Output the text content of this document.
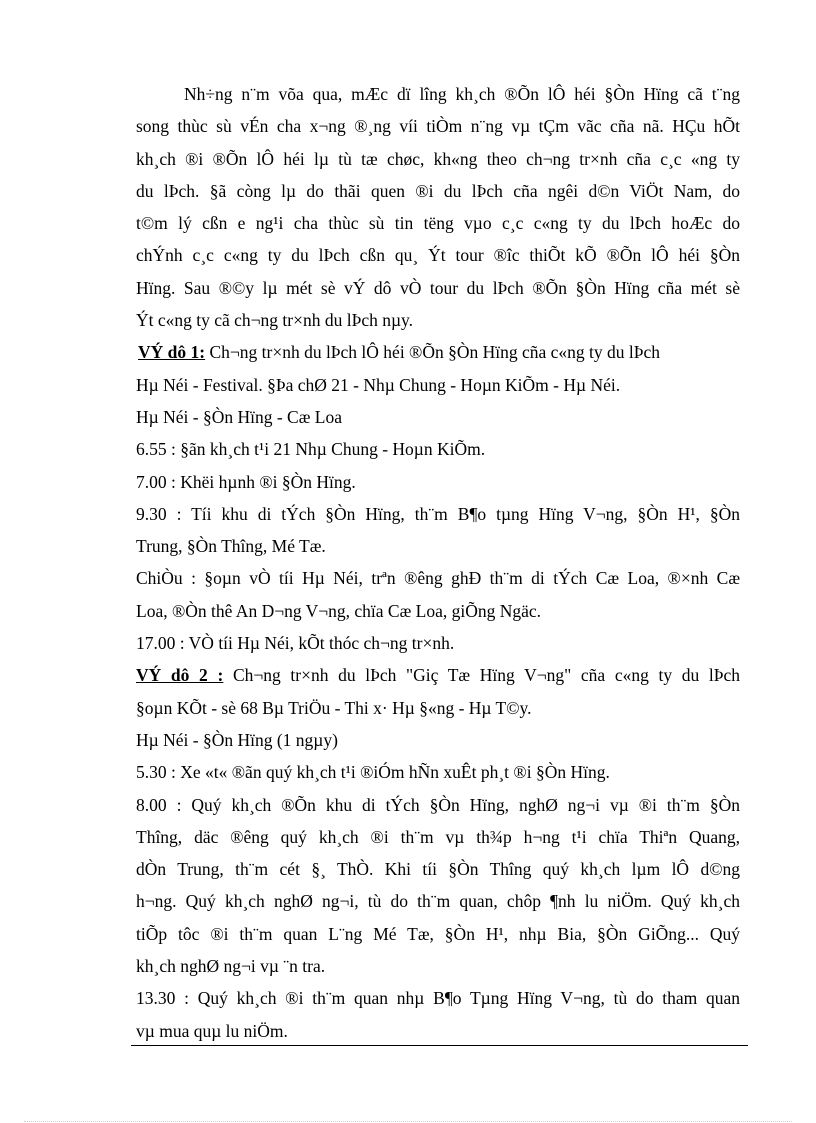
Nh÷ng n¨m võa qua, mÆc dï lîng kh¸ch ®Õn lÔ héi §Òn Hïng cã t¨ng
song thùc sù vÉn cha x¬ng ®¸ng víi tiÒm n¨ng vµ tÇm vãc cña nã. HÇu hÕt
kh¸ch ®i ®Õn lÔ héi lµ tù tæ chøc, kh«ng theo ch¬ng tr×nh cña c¸c «ng ty
du lÞch. §ã còng lµ do thãi quen ®i du lÞch cña ngêi d©n ViÖt Nam, do
t©m lý cßn e ng¹i cha thùc sù tin tëng vµo c¸c c«ng ty du lÞch hoÆc do
chÝnh c¸c c«ng ty du lÞch cßn qu¸ Ýt tour ®îc thiÕt kÕ ®Õn lÔ héi §Òn
Hïng. Sau ®©y lµ mét sè vÝ dô vÒ tour du lÞch ®Õn §Òn Hïng cña mét sè
Ýt c«ng ty cã ch¬ng tr×nh du lÞch nµy.
VÝ dô 1: Ch¬ng tr×nh du lÞch lÔ héi ®Õn §Òn Hïng cña c«ng ty du lÞch
Hµ Néi - Festival. §Þa chØ 21 - Nhµ Chung - Hoµn KiÕm - Hµ Néi.
Hµ Néi - §Òn Hïng - Cæ Loa
6.55 : §ãn kh¸ch t¹i 21 Nhµ Chung - Hoµn KiÕm.
7.00 : Khëi hµnh ®i §Òn Hïng.
9.30 : Tíi khu di tÝch §Òn Hïng, th¨m B¶o tµng Hïng V¬ng, §Òn H¹, §Òn
Trung, §Òn Thîng, Mé Tæ.
ChiÒu : §oµn vÒ tíi Hµ Néi, trªn ®êng ghÐ th¨m di tÝch Cæ Loa, ®×nh Cæ
Loa, ®Òn thê An D¬ng V¬ng, chïa Cæ Loa, giÕng Ngäc.
17.00 : VÒ tíi Hµ Néi, kÕt thóc ch¬ng tr×nh.
VÝ dô 2 : Ch¬ng tr×nh du lÞch "Giç Tæ Hïng V¬ng" cña c«ng ty du lÞch
§oµn KÕt - sè 68 Bµ TriÖu - Thi x· Hµ §«ng - Hµ T©y.
Hµ Néi - §Òn Hïng (1 ngµy)
5.30 : Xe «t« ®ãn quý kh¸ch t¹i ®iÓm hÑn xuÊt ph¸t ®i §Òn Hïng.
8.00 : Quý kh¸ch ®Õn khu di tÝch §Òn Hïng, nghØ ng¬i vµ ®i th¨m §Òn
Thîng, däc ®êng quý kh¸ch ®i th¨m vµ th¾p h¬ng t¹i chïa Thiªn Quang,
dÒn Trung, th¨m cét §¸ ThÒ. Khi tíi §Òn Thîng quý kh¸ch lµm lÔ d©ng
h¬ng. Quý kh¸ch nghØ ng¬i, tù do th¨m quan, chôp ¶nh lu niÖm. Quý kh¸ch
tiÕp tôc ®i th¨m quan L¨ng Mé Tæ, §Òn H¹, nhµ Bia, §Òn GiÕng... Quý
kh¸ch nghØ ng¬i vµ ¨n tra.
13.30 : Quý kh¸ch ®i th¨m quan nhµ B¶o Tµng Hïng V¬ng, tù do tham quan
vµ mua quµ lu niÖm.
